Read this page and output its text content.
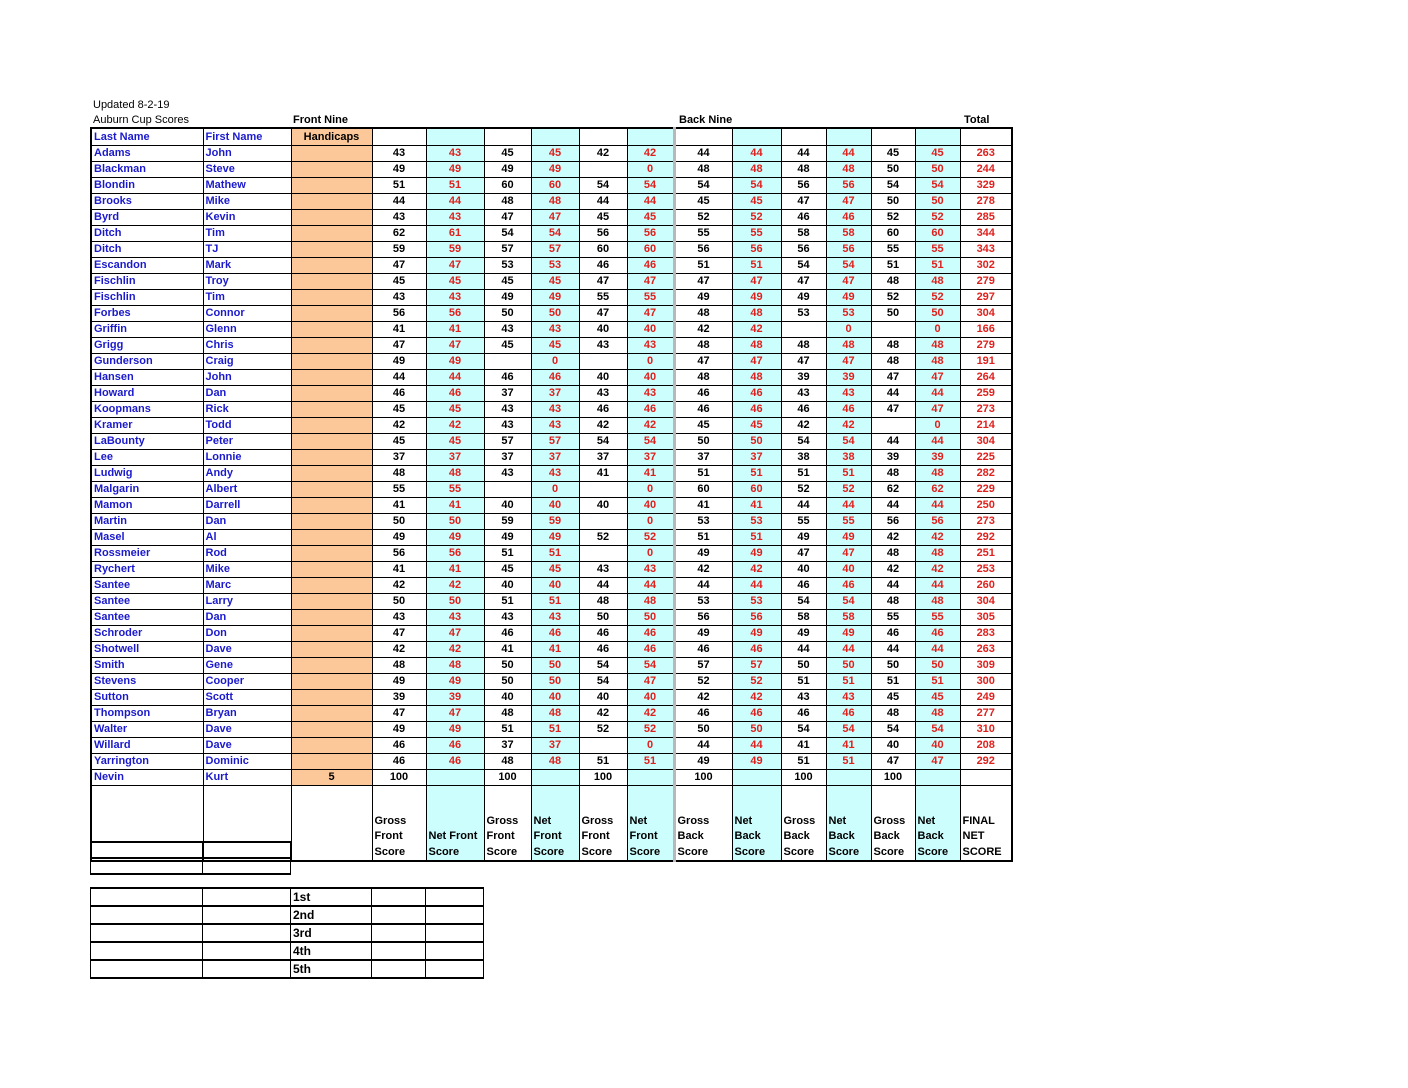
Updated 8-2-19
Auburn Cup Scores	Front Nine	Back Nine	Total
Last Name	First Name	Handicaps													
Adams	John		43	43	45	45	42	42	44	44	44	44	45	45	263
Blackman	Steve		49	49	49	49		0	48	48	48	48	50	50	244
Blondin	Mathew		51	51	60	60	54	54	54	54	56	56	54	54	329
Brooks	Mike		44	44	48	48	44	44	45	45	47	47	50	50	278
Byrd	Kevin		43	43	47	47	45	45	52	52	46	46	52	52	285
Ditch	Tim		62	61	54	54	56	56	55	55	58	58	60	60	344
Ditch	TJ		59	59	57	57	60	60	56	56	56	56	55	55	343
Escandon	Mark		47	47	53	53	46	46	51	51	54	54	51	51	302
Fischlin	Troy		45	45	45	45	47	47	47	47	47	47	48	48	279
Fischlin	Tim		43	43	49	49	55	55	49	49	49	49	52	52	297
Forbes	Connor		56	56	50	50	47	47	48	48	53	53	50	50	304
Griffin	Glenn		41	41	43	43	40	40	42	42		0		0	166
Grigg	Chris		47	47	45	45	43	43	48	48	48	48	48	48	279
Gunderson	Craig		49	49		0		0	47	47	47	47	48	48	191
Hansen	John		44	44	46	46	40	40	48	48	39	39	47	47	264
Howard	Dan		46	46	37	37	43	43	46	46	43	43	44	44	259
Koopmans	Rick		45	45	43	43	46	46	46	46	46	46	47	47	273
Kramer	Todd		42	42	43	43	42	42	45	45	42	42		0	214
LaBounty	Peter		45	45	57	57	54	54	50	50	54	54	44	44	304
Lee	Lonnie		37	37	37	37	37	37	37	37	38	38	39	39	225
Ludwig	Andy		48	48	43	43	41	41	51	51	51	51	48	48	282
Malgarin	Albert		55	55		0		0	60	60	52	52	62	62	229
Mamon	Darrell		41	41	40	40	40	40	41	41	44	44	44	44	250
Martin	Dan		50	50	59	59		0	53	53	55	55	56	56	273
Masel	Al		49	49	49	49	52	52	51	51	49	49	42	42	292
Rossmeier	Rod		56	56	51	51		0	49	49	47	47	48	48	251
Rychert	Mike		41	41	45	45	43	43	42	42	40	40	42	42	253
Santee	Marc		42	42	40	40	44	44	44	44	46	46	44	44	260
Santee	Larry		50	50	51	51	48	48	53	53	54	54	48	48	304
Santee	Dan		43	43	43	43	50	50	56	56	58	58	55	55	305
Schroder	Don		47	47	46	46	46	46	49	49	49	49	46	46	283
Shotwell	Dave		42	42	41	41	46	46	46	46	44	44	44	44	263
Smith	Gene		48	48	50	50	54	54	57	57	50	50	50	50	309
Stevens	Cooper		49	49	50	50	54	47	52	52	51	51	51	51	300
Sutton	Scott		39	39	40	40	40	40	42	42	43	43	45	45	249
Thompson	Bryan		47	47	48	48	42	42	46	46	46	46	48	48	277
Walter	Dave		49	49	51	51	52	52	50	50	54	54	54	54	310
Willard	Dave		46	46	37	37		0	44	44	41	41	40	40	208
Yarrington	Dominic		46	46	48	48	51	51	49	49	51	51	47	47	292
Nevin	Kurt	5	100		100		100		100		100		100		
			Gross Front Score	Net Front Score	Gross Front Score	Net Front Score	Gross Front Score	Net Front Score	Gross Back Score	Net Back Score	Gross Back Score	Net Back Score	Gross Back Score	Net Back Score	FINAL NET SCORE

		1st		
		2nd		
		3rd		
		4th		
		5th		
